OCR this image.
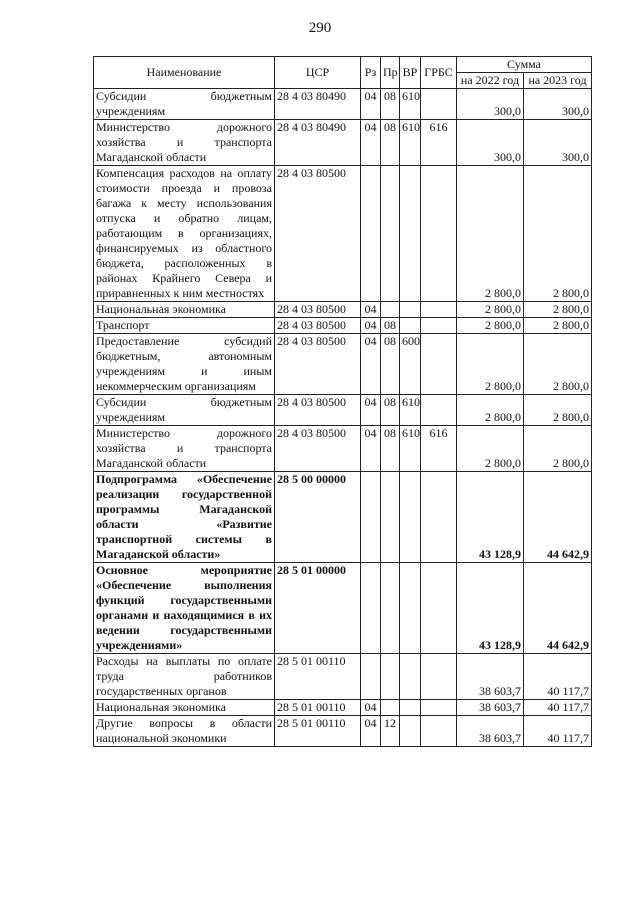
290
Наименование	ЦСР	Рз	Пр	ВР	ГРБС	Сумма	
						на 2022 год	на 2023 год
Субсидии бюджетным учреждениям	28 4 03 80490	04	08	610		300,0	300,0
Министерство дорожного хозяйства и транспорта Магаданской области	28 4 03 80490	04	08	610	616	300,0	300,0
Компенсация расходов на оплату стоимости проезда и провоза багажа к месту использования отпуска и обратно лицам, работающим в организациях, финансируемых из областного бюджета, расположенных в районах Крайнего Севера и приравненных к ним местностях	28 4 03 80500					2 800,0	2 800,0
Национальная экономика	28 4 03 80500	04				2 800,0	2 800,0
Транспорт	28 4 03 80500	04	08			2 800,0	2 800,0
Предоставление субсидий бюджетным, автономным учреждениям и иным некоммерческим организациям	28 4 03 80500	04	08	600		2 800,0	2 800,0
Субсидии бюджетным учреждениям	28 4 03 80500	04	08	610		2 800,0	2 800,0
Министерство дорожного хозяйства и транспорта Магаданской области	28 4 03 80500	04	08	610	616	2 800,0	2 800,0
Подпрограмма «Обеспечение реализации государственной программы Магаданской области «Развитие транспортной системы в Магаданской области»	28 5 00 00000					43 128,9	44 642,9
Основное мероприятие «Обеспечение выполнения функций государственными органами и находящимися в их ведении государственными учреждениями»	28 5 01 00000					43 128,9	44 642,9
Расходы на выплаты по оплате труда работников государственных органов	28 5 01 00110					38 603,7	40 117,7
Национальная экономика	28 5 01 00110	04				38 603,7	40 117,7
Другие вопросы в области национальной экономики	28 5 01 00110	04	12			38 603,7	40 117,7
